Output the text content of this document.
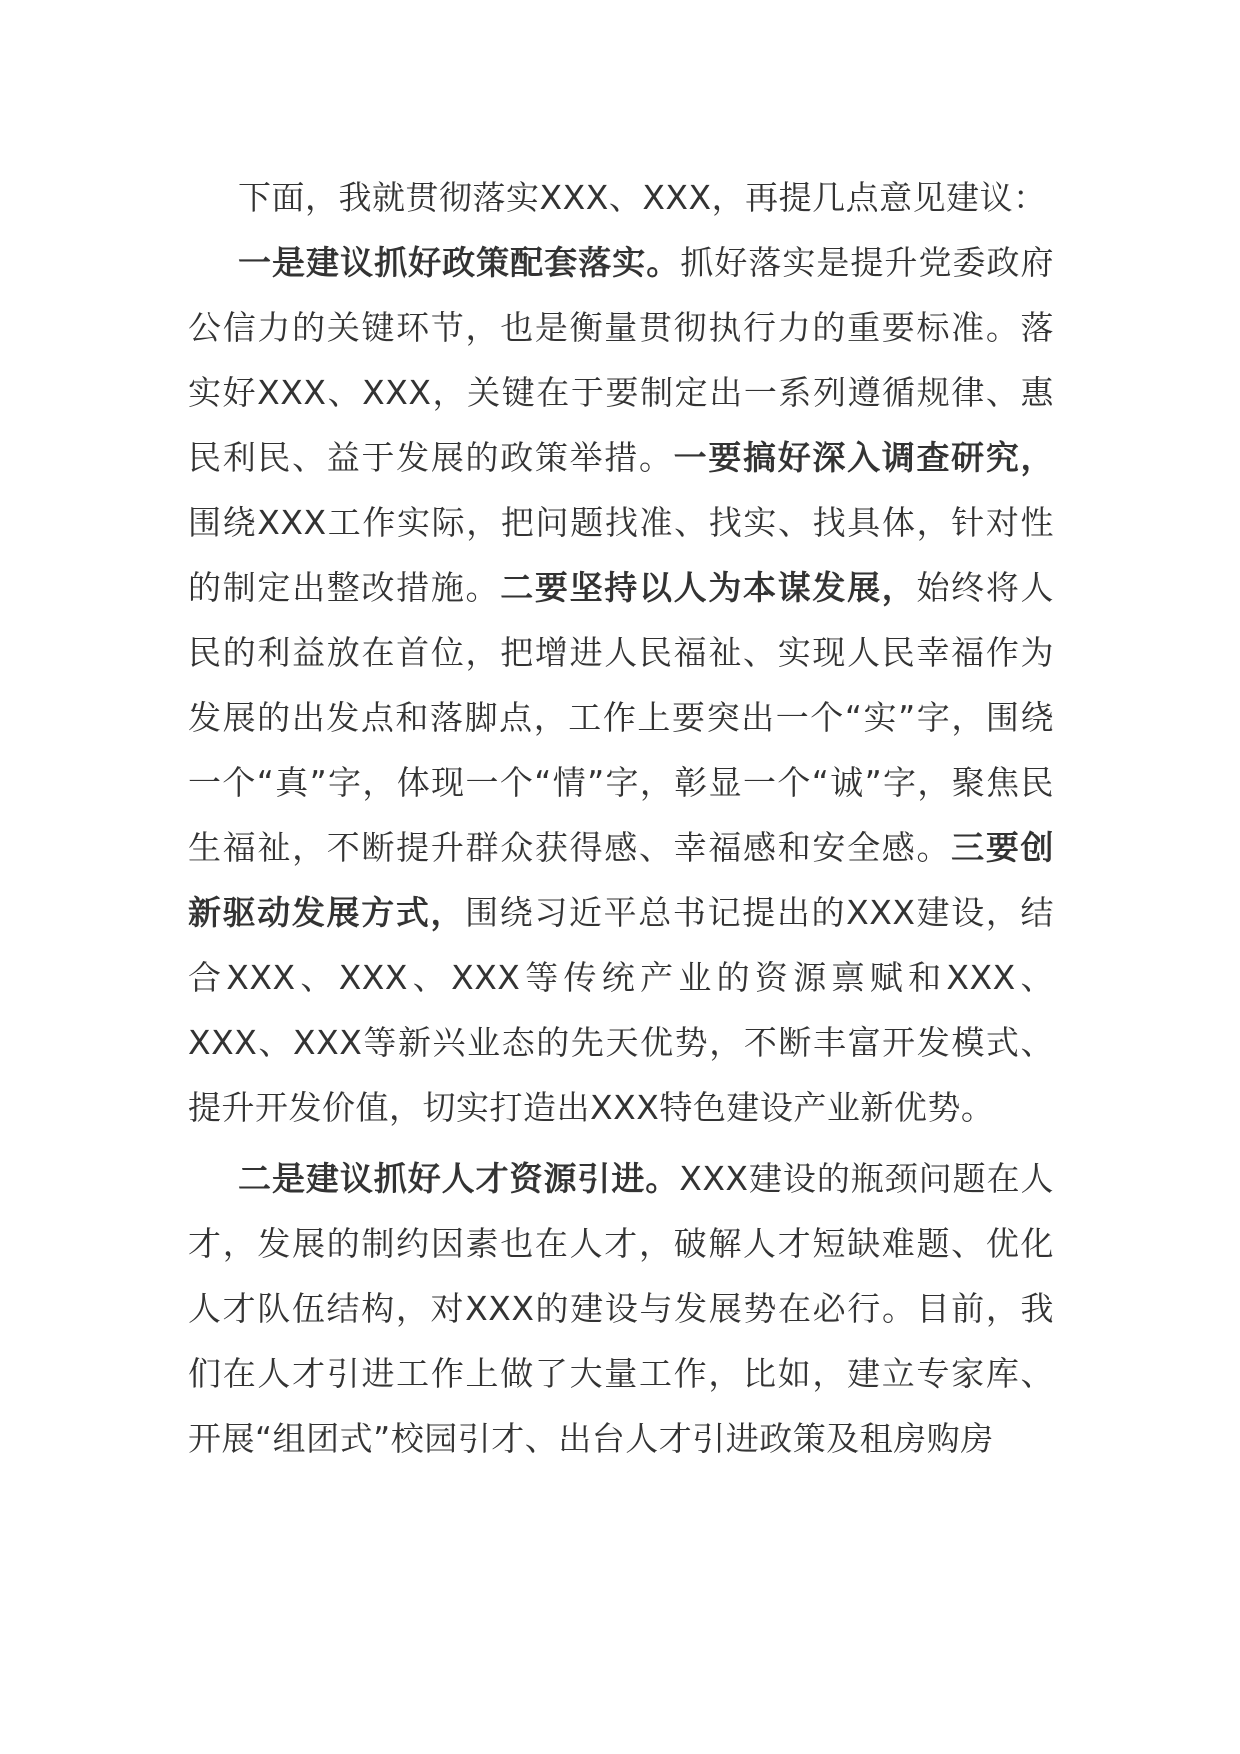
下面，我就贯彻落实XXX、XXX，再提几点意见建议：

一是建议抓好政策配套落实。抓好落实是提升党委政府公信力的关键环节，也是衡量贯彻执行力的重要标准。落实好XXX、XXX，关键在于要制定出一系列遵循规律、惠民利民、益于发展的政策举措。一要搞好深入调查研究，围绕XXX工作实际，把问题找准、找实、找具体，针对性的制定出整改措施。二要坚持以人为本谋发展，始终将人民的利益放在首位，把增进人民福祉、实现人民幸福作为发展的出发点和落脚点，工作上要突出一个“实”字，围绕一个“真”字，体现一个“情”字，彰显一个“诚”字，聚焦民生福祉，不断提升群众获得感、幸福感和安全感。三要创新驱动发展方式，围绕习近平总书记提出的XXX建设，结合XXX、XXX、XXX等传统产业的资源禀赋和XXX、XXX、XXX等新兴业态的先天优势，不断丰富开发模式、提升开发价值，切实打造出XXX特色建设产业新优势。

二是建议抓好人才资源引进。XXX建设的瓶颈问题在人才，发展的制约因素也在人才，破解人才短缺难题、优化人才队伍结构，对XXX的建设与发展势在必行。目前，我们在人才引进工作上做了大量工作，比如，建立专家库、开展“组团式”校园引才、出台人才引进政策及租房购房
